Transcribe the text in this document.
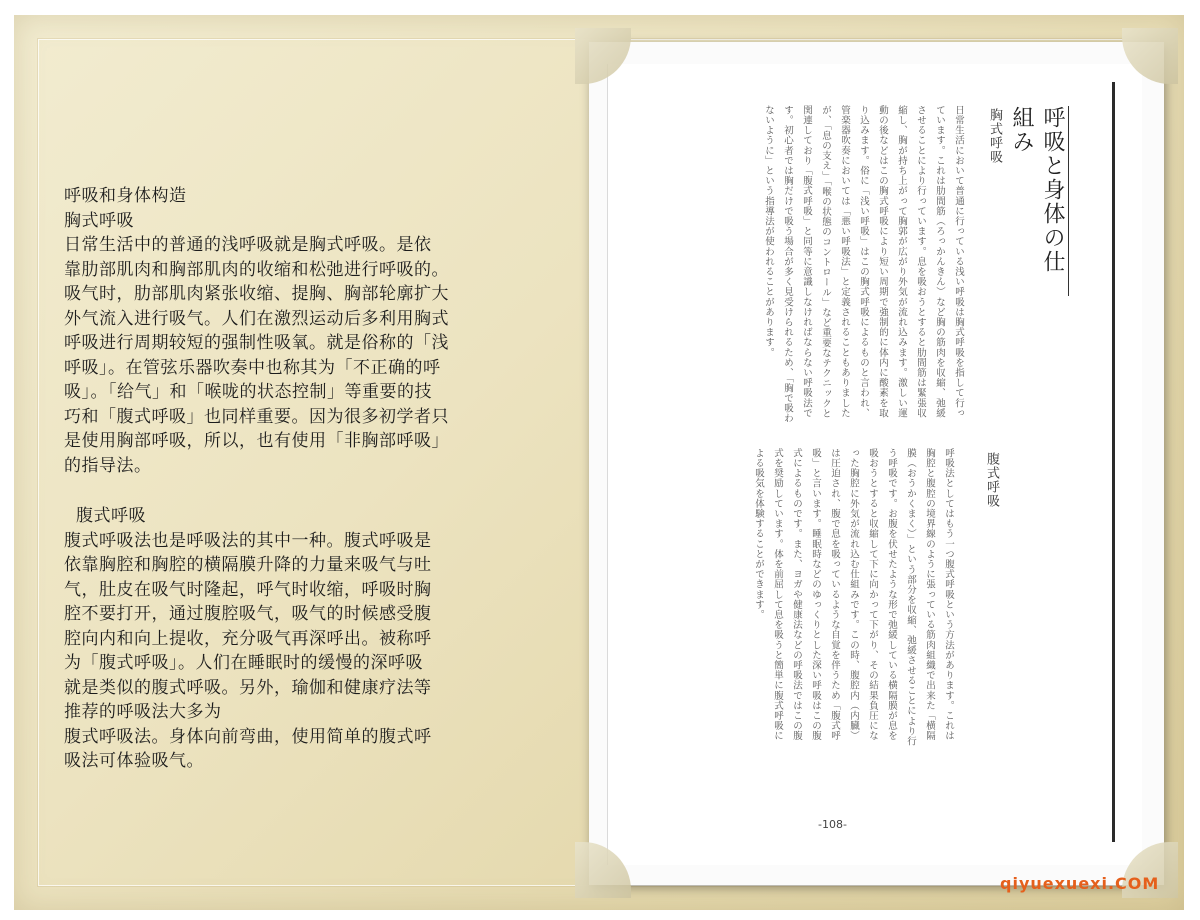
呼吸和身体构造

胸式呼吸

日常生活中的普通的浅呼吸就是胸式呼吸。是依

靠肋部肌肉和胸部肌肉的收缩和松弛进行呼吸的。

吸气时，肋部肌肉紧张收缩、提胸、胸部轮廓扩大

外气流入进行吸气。人们在激烈运动后多利用胸式

呼吸进行周期较短的强制性吸氧。就是俗称的「浅

呼吸」。在管弦乐器吹奏中也称其为「不正确的呼

吸」。「给气」和「喉咙的状态控制」等重要的技

巧和「腹式呼吸」也同样重要。因为很多初学者只

是使用胸部呼吸，所以，也有使用「非胸部呼吸」

的指导法。

腹式呼吸

腹式呼吸法也是呼吸法的其中一种。腹式呼吸是

依靠胸腔和胸腔的横隔膜升降的力量来吸气与吐

气，肚皮在吸气时隆起，呼气时收缩，呼吸时胸

腔不要打开，通过腹腔吸气，吸气的时候感受腹

腔向内和向上提收，充分吸气再深呼出。被称呼

为「腹式呼吸」。人们在睡眠时的缓慢的深呼吸

就是类似的腹式呼吸。另外，瑜伽和健康疗法等

推荐的呼吸法大多为

腹式呼吸法。身体向前弯曲，使用简单的腹式呼

吸法可体验吸气。

呼吸と身体の仕組み
胸式呼吸
日常生活において普通に行っている浅い呼吸は胸式呼吸を指して行っています。これは肋間筋（ろっかんきん）など胸の筋肉を収縮、弛緩させることにより行っています。息を吸おうとすると肋間筋は緊張収縮し、胸が持ち上がって胸郭が広がり外気が流れ込みます。激しい運動の後などはこの胸式呼吸により短い周期で強制的に体内に酸素を取り込みます。俗に「浅い呼吸」はこの胸式呼吸によるものと言われ、管楽器吹奏においては「悪い呼吸法」と定義されることもありましたが、「息の支え」「喉の状態のコントロール」など重要なテクニックと関連しており「腹式呼吸」と同等に意識しなければならない呼吸法です。初心者では胸だけで吸う場合が多く見受けられるため、「胸で吸わないように」という指導法が使われることがあります。
腹式呼吸
呼吸法としてはもう一つ腹式呼吸という方法があります。これは胸腔と腹腔の境界線のように張っている筋肉組織で出来た「横隔膜（おうかくまく）」という部分を収縮、弛緩させることにより行う呼吸です。お腹を伏せたような形で弛緩している横隔膜が息を吸おうとすると収縮して下に向かって下がり、その結果負圧になった胸腔に外気が流れ込む仕組みです。この時、腹腔内（内臓）は圧迫され、腹で息を吸っているような自覚を伴うため「腹式呼吸」と言います。睡眠時などのゆっくりとした深い呼吸はこの腹式によるものです。また、ヨガや健康法などの呼吸法ではこの腹式を奨励しています。体を前屈して息を吸うと簡単に腹式呼吸による吸気を体験することができます。
-108-
qiyuexuexi.COM
